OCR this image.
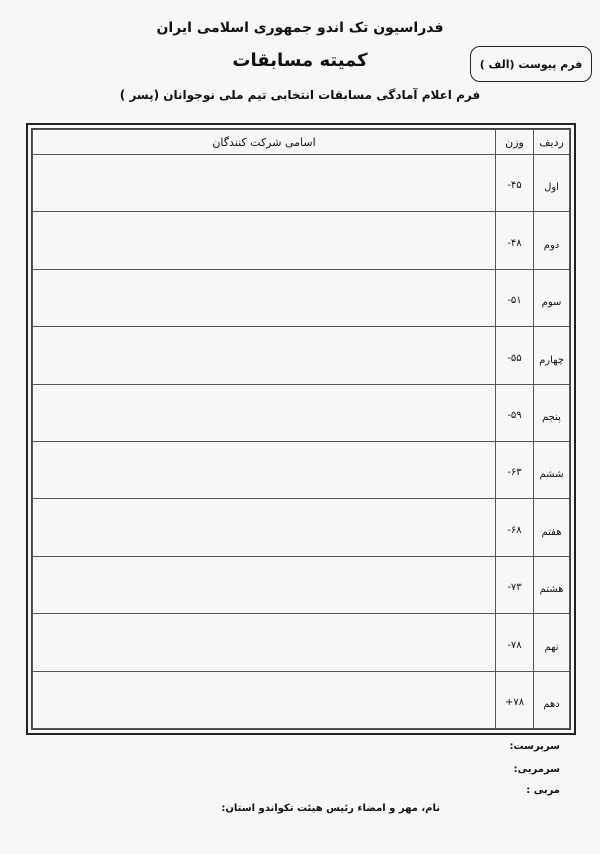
فدراسیون تک اندو جمهوری اسلامی ایران
کمیته مسابقات
فرم اعلام آمادگی مسابقات انتخابی تیم ملی نوجوانان (پسر )
فرم پیوست (الف )
ردیف	وزن	اسامی شرکت کنندگان
اول	-۴۵	
دوم	-۴۸	
سوم	-۵۱	
چهارم	-۵۵	
پنجم	-۵۹	
ششم	-۶۳	
هفتم	-۶۸	
هشتم	-۷۳	
نهم	-۷۸	
دهم	+۷۸	
سرپرست:
سرمربی:
مربی :
نام، مهر و امضاء رئیس هیئت تکواندو استان:
